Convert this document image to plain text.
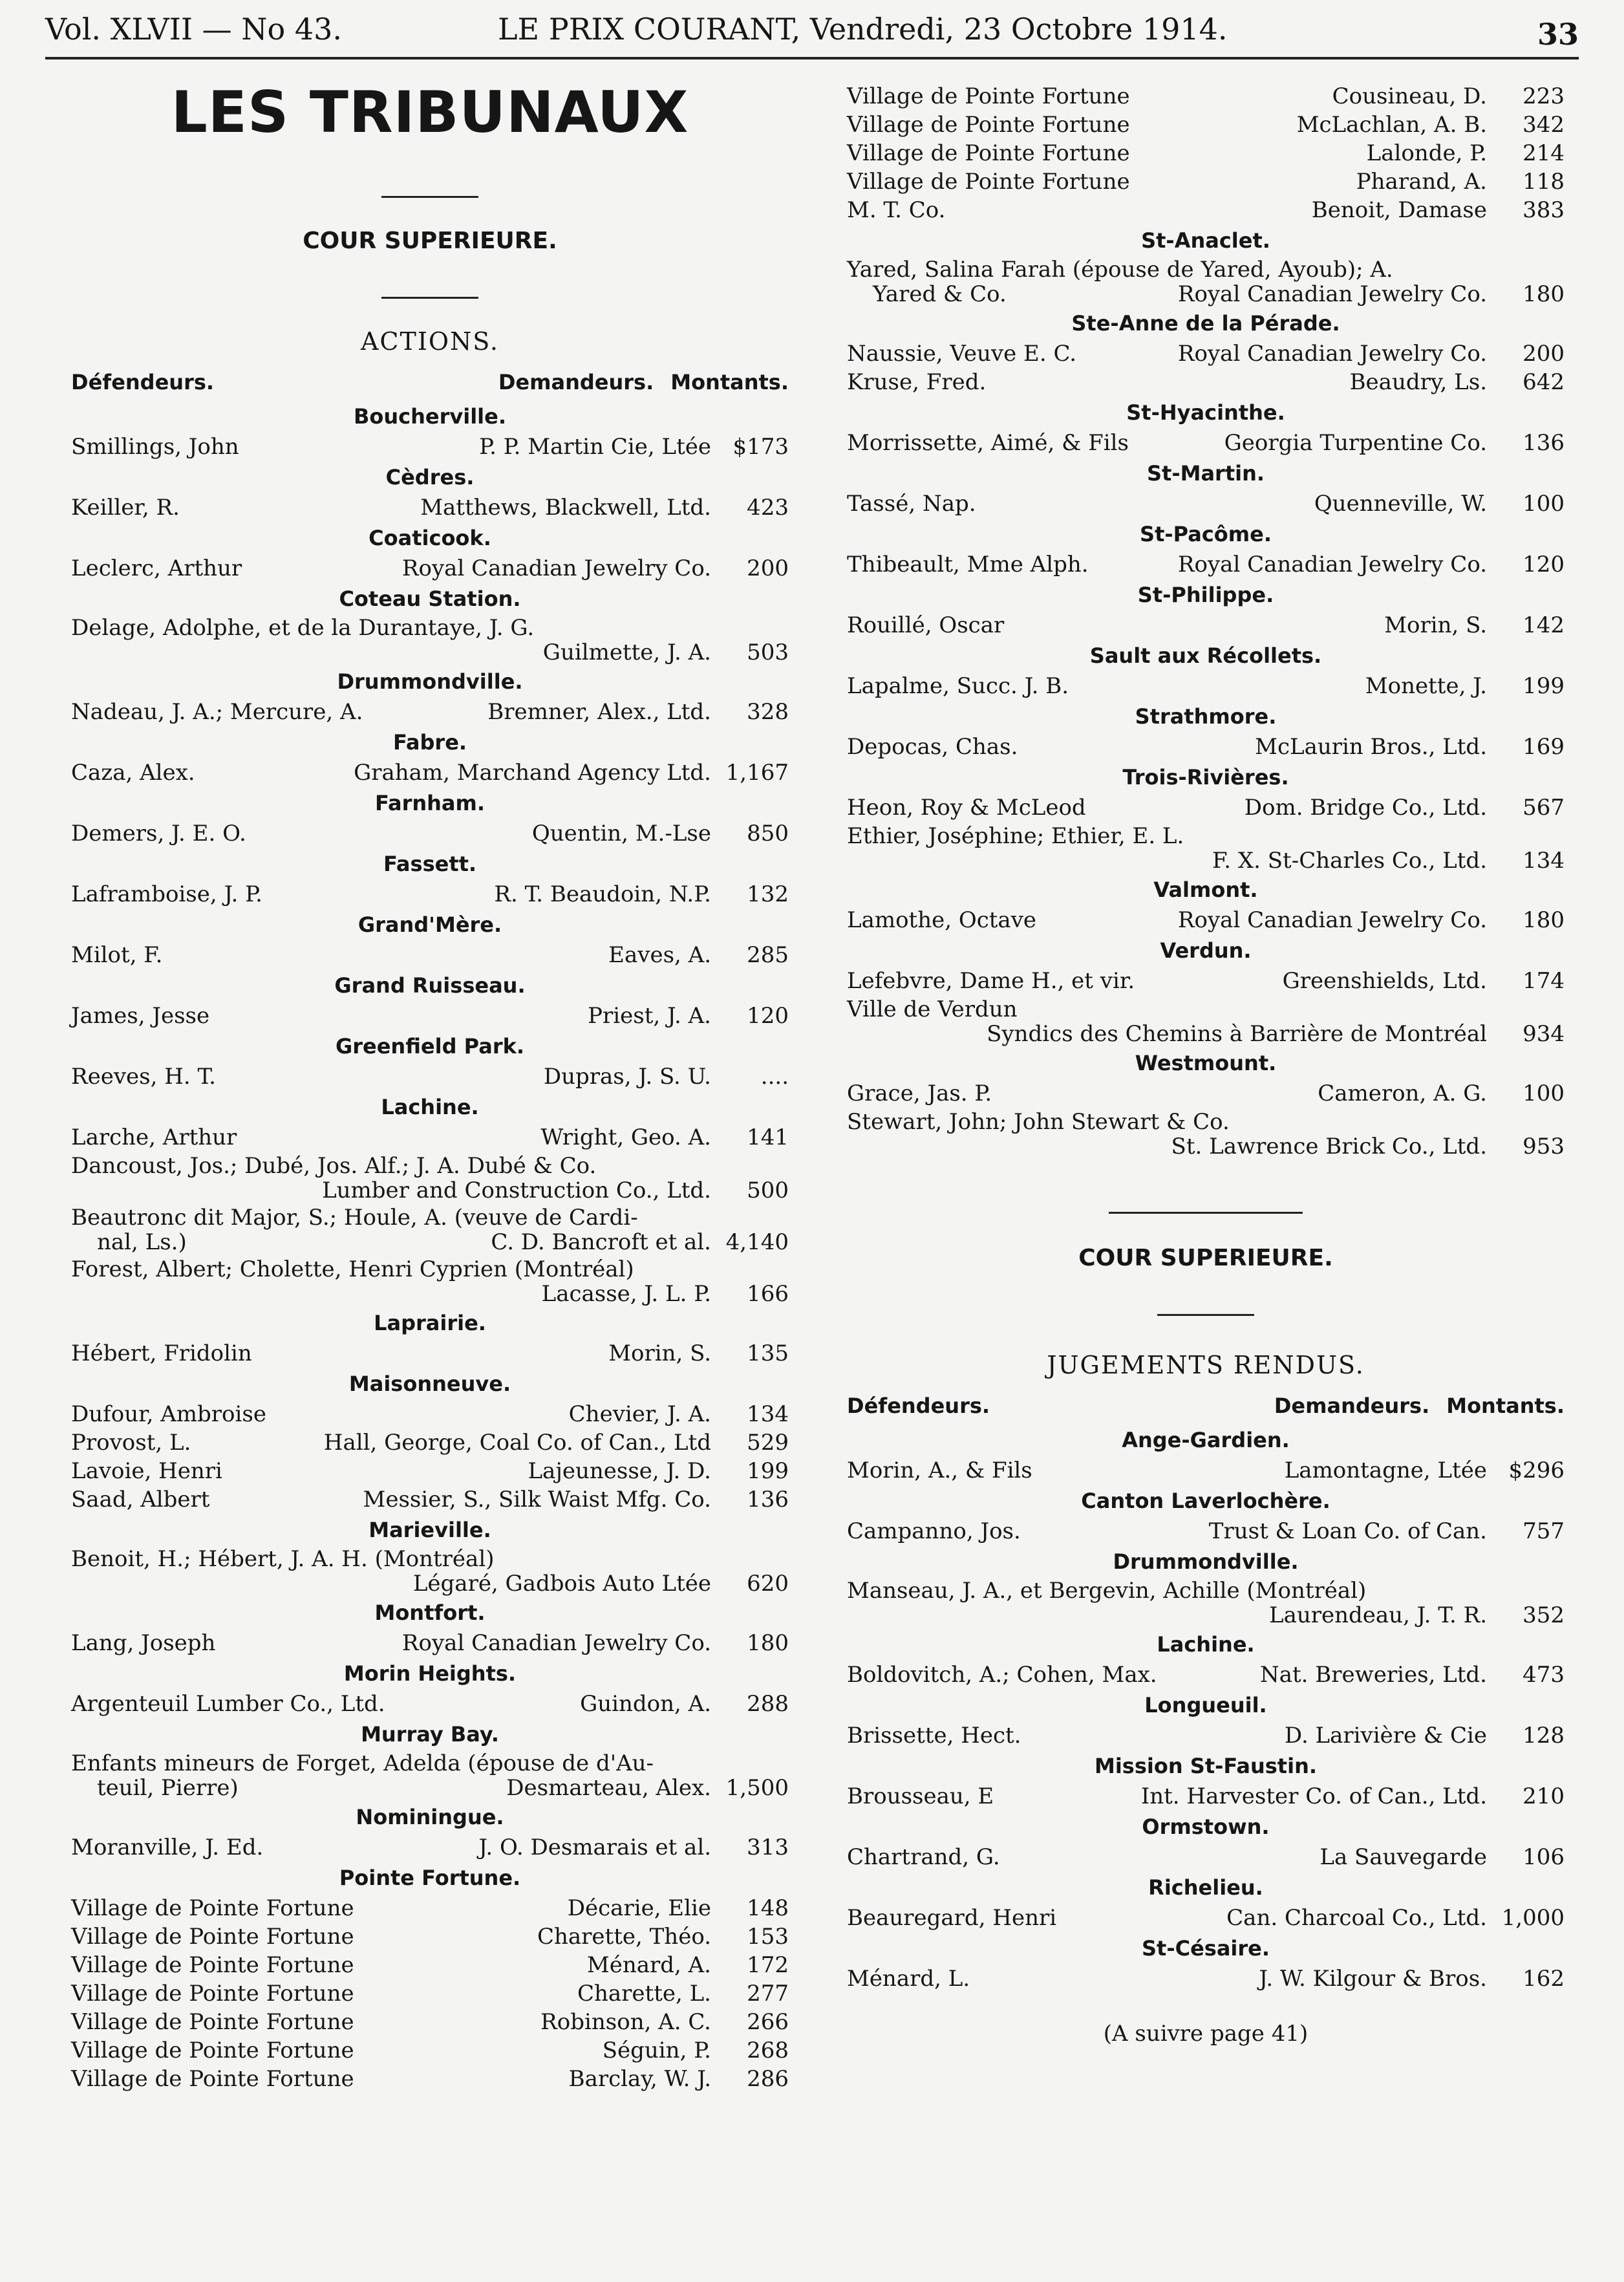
Vol. XLVII — No 43.	LE PRIX COURANT, Vendredi, 23 Octobre 1914.	33
LES TRIBUNAUX
COUR SUPERIEURE.
ACTIONS.
Défendeurs.	Demandeurs. Montants.
Boucherville.
Smillings, John	P. P. Martin Cie, Ltée $173
Cèdres.
Keiller, R.	Matthews, Blackwell, Ltd.	423
Coaticook.
Leclerc, Arthur	Royal Canadian Jewelry Co.	200
Coteau Station.
Delage, Adolphe, et de la Durantaye, J. G.
Guilmette, J. A.	503
Drummondville.
Nadeau, J. A.; Mercure, A.	Bremner, Alex., Ltd.	328
Fabre.
Caza, Alex.	Graham, Marchand Agency Ltd. 1,167
Farnham.
Demers, J. E. O.	Quentin, M.-Lse	850
Fassett.
Laframboise, J. P.	R. T. Beaudoin, N.P.	132
Grand'Mère.
Milot, F.	Eaves, A.	285
Grand Ruisseau.
James, Jesse	Priest, J. A.	120
Greenfield Park.
Reeves, H. T.	Dupras, J. S. U.	....
Lachine.
Larche, Arthur	Wright, Geo. A.	141
Dancoust, Jos.; Dubé, Jos. Alf.; J. A. Dubé & Co.
Lumber and Construction Co., Ltd.	500
Beautronc dit Major, S.; Houle, A. (veuve de Cardi-
nal, Ls.)	C. D. Bancroft et al. 4,140
Forest, Albert; Cholette, Henri Cyprien (Montréal)
Lacasse, J. L. P.	166
Laprairie.
Hébert, Fridolin	Morin, S.	135
Maisonneuve.
Dufour, Ambroise	Chevier, J. A.	134
Provost, L.	Hall, George, Coal Co. of Can., Ltd	529
Lavoie, Henri	Lajeunesse, J. D.	199
Saad, Albert	Messier, S., Silk Waist Mfg. Co.	136
Marieville.
Benoit, H.; Hébert, J. A. H. (Montréal)
Légaré, Gadbois Auto Ltée	620
Montfort.
Lang, Joseph	Royal Canadian Jewelry Co.	180
Morin Heights.
Argenteuil Lumber Co., Ltd.	Guindon, A.	288
Murray Bay.
Enfants mineurs de Forget, Adelda (épouse de d'Au-
teuil, Pierre)	Desmarteau, Alex. 1,500
Nominingue.
Moranville, J. Ed.	J. O. Desmarais et al.	313
Pointe Fortune.
Village de Pointe Fortune	Décarie, Elie	148
Village de Pointe Fortune	Charette, Théo.	153
Village de Pointe Fortune	Ménard, A.	172
Village de Pointe Fortune	Charette, L.	277
Village de Pointe Fortune	Robinson, A. C.	266
Village de Pointe Fortune	Séguin, P.	268
Village de Pointe Fortune	Barclay, W. J.	286
Village de Pointe Fortune	Cousineau, D.	223
Village de Pointe Fortune	McLachlan, A. B.	342
Village de Pointe Fortune	Lalonde, P.	214
Village de Pointe Fortune	Pharand, A.	118
M. T. Co.	Benoit, Damase	383
St-Anaclet.
Yared, Salina Farah (épouse de Yared, Ayoub); A.
Yared & Co.	Royal Canadian Jewelry Co.	180
Ste-Anne de la Pérade.
Naussie, Veuve E. C.	Royal Canadian Jewelry Co.	200
Kruse, Fred.	Beaudry, Ls.	642
St-Hyacinthe.
Morrissette, Aimé, & Fils	Georgia Turpentine Co.	136
St-Martin.
Tassé, Nap.	Quenneville, W.	100
St-Pacôme.
Thibeault, Mme Alph.	Royal Canadian Jewelry Co.	120
St-Philippe.
Rouillé, Oscar	Morin, S.	142
Sault aux Récollets.
Lapalme, Succ. J. B.	Monette, J.	199
Strathmore.
Depocas, Chas.	McLaurin Bros., Ltd.	169
Trois-Rivières.
Heon, Roy & McLeod	Dom. Bridge Co., Ltd.	567
Ethier, Joséphine; Ethier, E. L.
F. X. St-Charles Co., Ltd.	134
Valmont.
Lamothe, Octave	Royal Canadian Jewelry Co.	180
Verdun.
Lefebvre, Dame H., et vir.	Greenshields, Ltd.	174
Ville de Verdun
Syndics des Chemins à Barrière de Montréal	934
Westmount.
Grace, Jas. P.	Cameron, A. G.	100
Stewart, John; John Stewart & Co.
St. Lawrence Brick Co., Ltd.	953
COUR SUPERIEURE.
JUGEMENTS RENDUS.
Défendeurs.	Demandeurs. Montants.
Ange-Gardien.
Morin, A., & Fils	Lamontagne, Ltée $296
Canton Laverlochère.
Campanno, Jos.	Trust & Loan Co. of Can.	757
Drummondville.
Manseau, J. A., et Bergevin, Achille (Montréal)
Laurendeau, J. T. R.	352
Lachine.
Boldovitch, A.; Cohen, Max.	Nat. Breweries, Ltd.	473
Longueuil.
Brissette, Hect.	D. Larivière & Cie	128
Mission St-Faustin.
Brousseau, E	Int. Harvester Co. of Can., Ltd.	210
Ormstown.
Chartrand, G.	La Sauvegarde	106
Richelieu.
Beauregard, Henri	Can. Charcoal Co., Ltd. 1,000
St-Césaire.
Ménard, L.	J. W. Kilgour & Bros.	162
(A suivre page 41)
